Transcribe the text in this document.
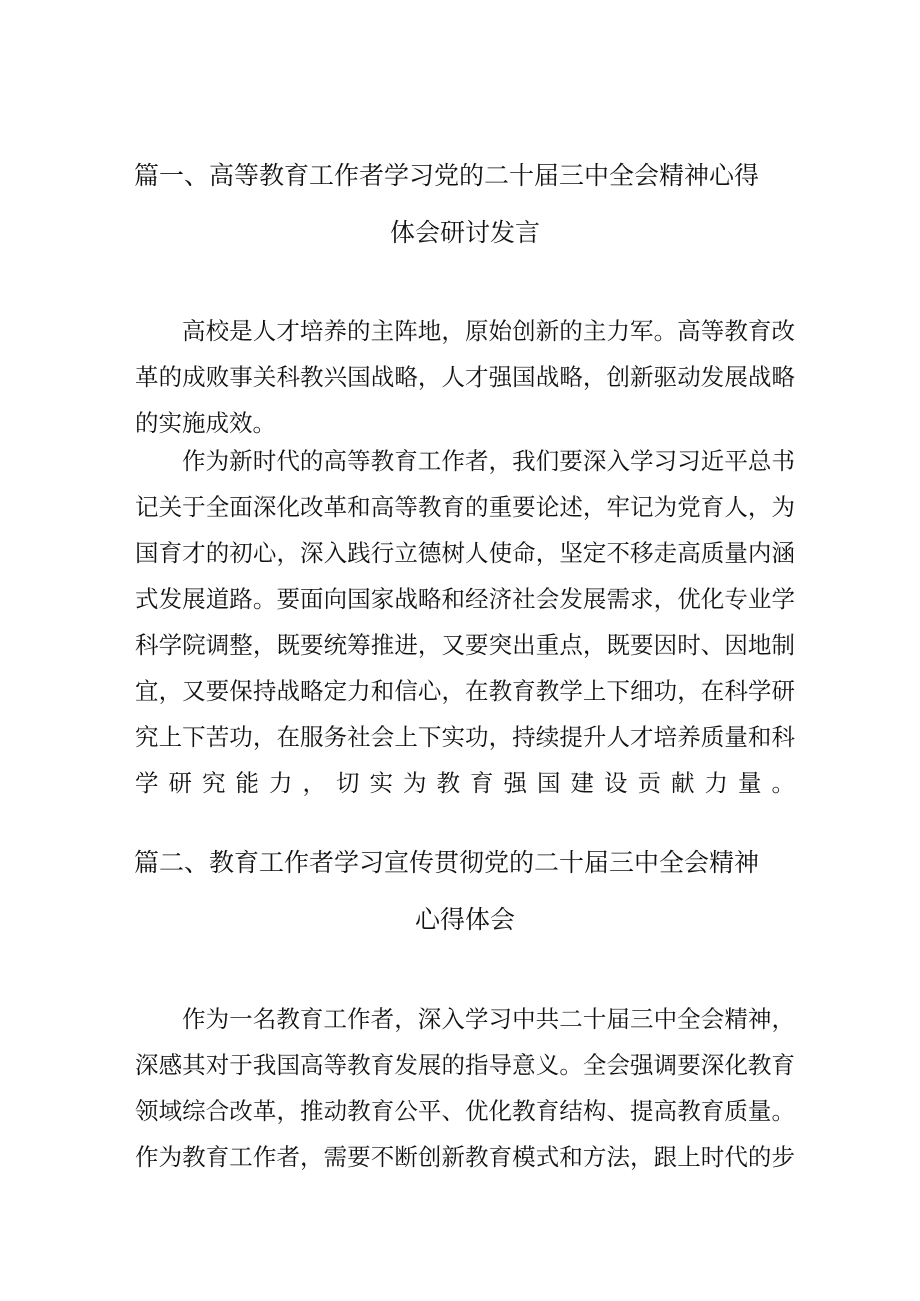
篇一、高等教育工作者学习党的二十届三中全会精神心得
体会研讨发言
高校是人才培养的主阵地，原始创新的主力军。高等教育改
革的成败事关科教兴国战略，人才强国战略，创新驱动发展战略
的实施成效。
作为新时代的高等教育工作者，我们要深入学习习近平总书
记关于全面深化改革和高等教育的重要论述，牢记为党育人，为
国育才的初心，深入践行立德树人使命，坚定不移走高质量内涵
式发展道路。要面向国家战略和经济社会发展需求，优化专业学
科学院调整，既要统筹推进，又要突出重点，既要因时、因地制
宜，又要保持战略定力和信心，在教育教学上下细功，在科学研
究上下苦功，在服务社会上下实功，持续提升人才培养质量和科
学研究能力，切实为教育强国建设贡献力量。
篇二、教育工作者学习宣传贯彻党的二十届三中全会精神
心得体会
作为一名教育工作者，深入学习中共二十届三中全会精神，
深感其对于我国高等教育发展的指导意义。全会强调要深化教育
领域综合改革，推动教育公平、优化教育结构、提高教育质量。
作为教育工作者，需要不断创新教育模式和方法，跟上时代的步
